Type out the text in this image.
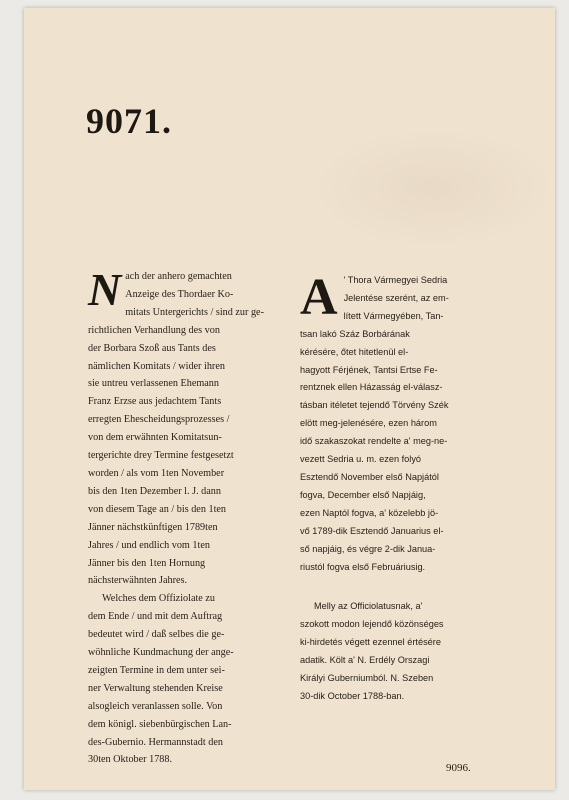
9071.
N ach der anhero gemachten
Anzeige des Thordaer Ko-
mitats Untergerichts / sind zur ge-
richtlichen Verhandlung des von
der Borbara Szoß aus Tants des
nämlichen Komitats / wider ihren
sie untreu verlassenen Ehemann
Franz Erzse aus jedachtem Tants
erregten Ehescheidungsprozesses /
von dem erwähnten Komitatsun-
tergerichte drey Termine festgesetzt
worden / als vom 1ten November
bis den 1ten Dezember l. J. dann
von diesem Tage an / bis den 1ten
Jänner nächstkünftigen 1789ten
Jahres / und endlich vom 1ten
Jänner bis den 1ten Hornung
nächsterwähnten Jahres.
Welches dem Offiziolate zu
dem Ende / und mit dem Auftrag
bedeutet wird / daß selbes die ge-
wöhnliche Kundmachung der ange-
zeigten Termine in dem unter sei-
ner Verwaltung stehenden Kreise
alsogleich veranlassen solle. Von
dem königl. siebenbürgischen Lan-
des-Gubernio. Hermannstadt den
30ten Oktober 1788.
A ' Thora Vármegyei Sedria
Jelentése szerént, az em-
lített Vármegyében, Tan-
tsan lakó Száz Borbárának
kérésére, őtet hitetlenül el-
hagyott Férjének, Tantsi Ertse Fe-
rentznek ellen Házasság el-válasz-
tásban itéletet tejendő Törvény Szék
elött meg-jelenésére, ezen három
idő szakaszokat rendelte a' meg-ne-
vezett Sedria u. m. ezen folyó
Esztendő November első Napjától
fogva, December első Napjáig,
ezen Naptól fogva, a' közelebb jö-
vő 1789-dik Esztendő Januarius el-
ső napjáig, és végre 2-dik Janua-
riustól fogva első Februáriusig.
Melly az Officiolatusnak, a'
szokott modon lejendő közönséges
ki-hirdetés végett ezennel értésére
adatik. Költ a' N. Erdély Orszagi
Királyi Guberniumból. N. Szeben
30-dik October 1788-ban.
9096.
